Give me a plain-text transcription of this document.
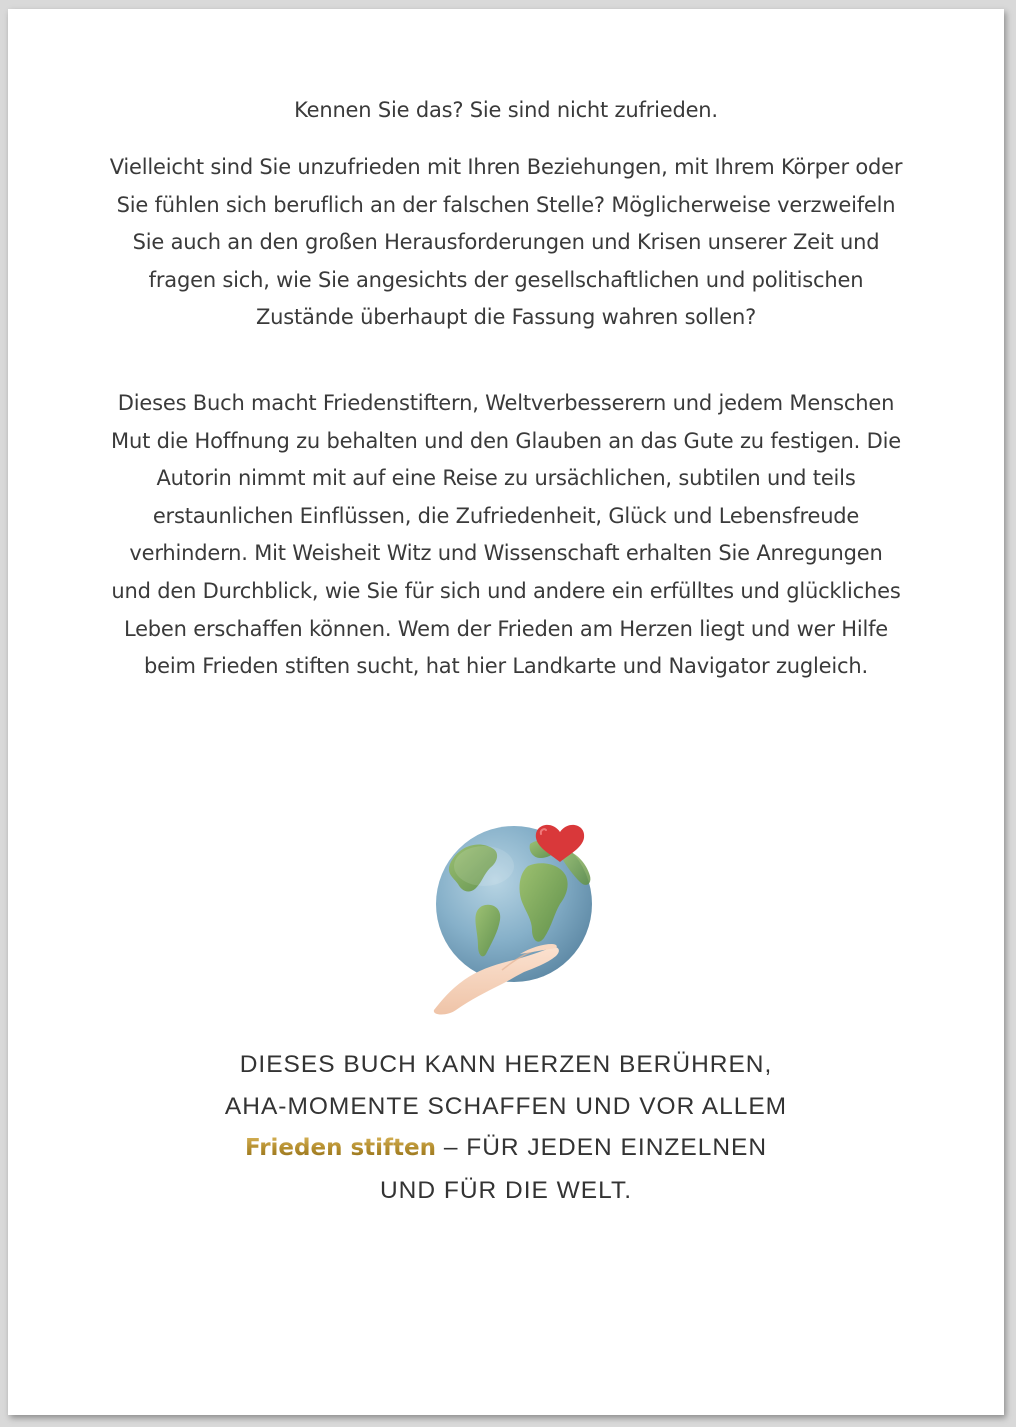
Kennen Sie das? Sie sind nicht zufrieden.
Vielleicht sind Sie unzufrieden mit Ihren Beziehungen, mit Ihrem Körper oder Sie fühlen sich beruflich an der falschen Stelle? Möglicherweise verzweifeln Sie auch an den großen Herausforderungen und Krisen unserer Zeit und fragen sich, wie Sie angesichts der gesellschaftlichen und politischen Zustände überhaupt die Fassung wahren sollen?
Dieses Buch macht Friedenstiftern, Weltverbesserern und jedem Menschen Mut die Hoffnung zu behalten und den Glauben an das Gute zu festigen. Die Autorin nimmt mit auf eine Reise zu ursächlichen, subtilen und teils erstaunlichen Einflüssen, die Zufriedenheit, Glück und Lebensfreude verhindern. Mit Weisheit Witz und Wissenschaft erhalten Sie Anregungen und den Durchblick, wie Sie für sich und andere ein erfülltes und glückliches Leben erschaffen können. Wem der Frieden am Herzen liegt und wer Hilfe beim Frieden stiften sucht, hat hier Landkarte und Navigator zugleich.
DIESES BUCH KANN HERZEN BERÜHREN,
AHA-MOMENTE SCHAFFEN UND VOR ALLEM
Frieden stiften – FÜR JEDEN EINZELNEN
UND FÜR DIE WELT.
